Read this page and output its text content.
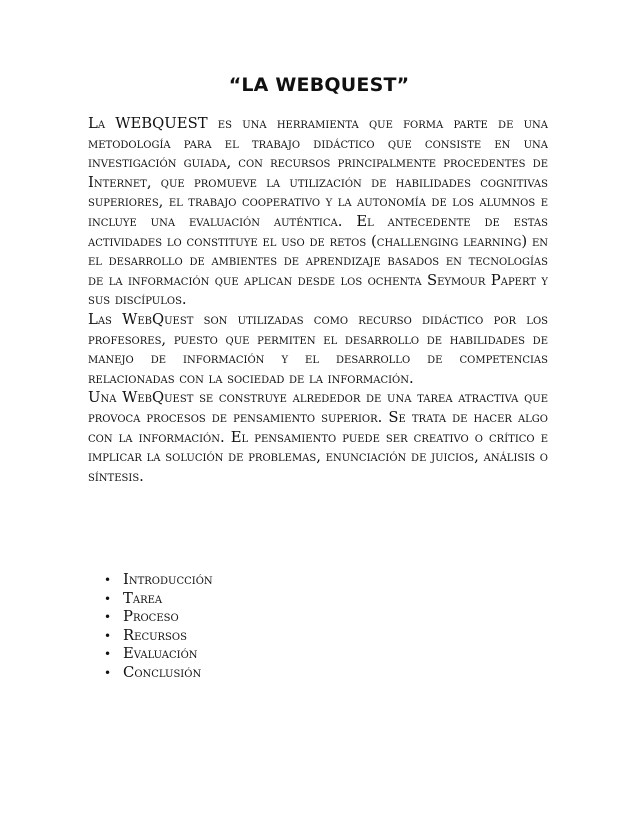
“LA WEBQUEST”

La WEBQUEST es una herramienta que forma parte de una metodología para el trabajo didáctico que consiste en una investigación guiada, con recursos principalmente procedentes de Internet, que promueve la utilización de habilidades cognitivas superiores, el trabajo cooperativo y la autonomía de los alumnos e incluye una evaluación auténtica. El antecedente de estas actividades lo constituye el uso de retos (challenging learning) en el desarrollo de ambientes de aprendizaje basados en tecnologías de la información que aplican desde los ochenta Seymour Papert y sus discípulos.

Las WebQuest son utilizadas como recurso didáctico por los profesores, puesto que permiten el desarrollo de habilidades de manejo de información y el desarrollo de competencias relacionadas con la sociedad de la información.

Una WebQuest se construye alrededor de una tarea atractiva que provoca procesos de pensamiento superior. Se trata de hacer algo con la información. El pensamiento puede ser creativo o crítico e implicar la solución de problemas, enunciación de juicios, análisis o síntesis.

• Introducción
• Tarea
• Proceso
• Recursos
• Evaluación
• Conclusión
